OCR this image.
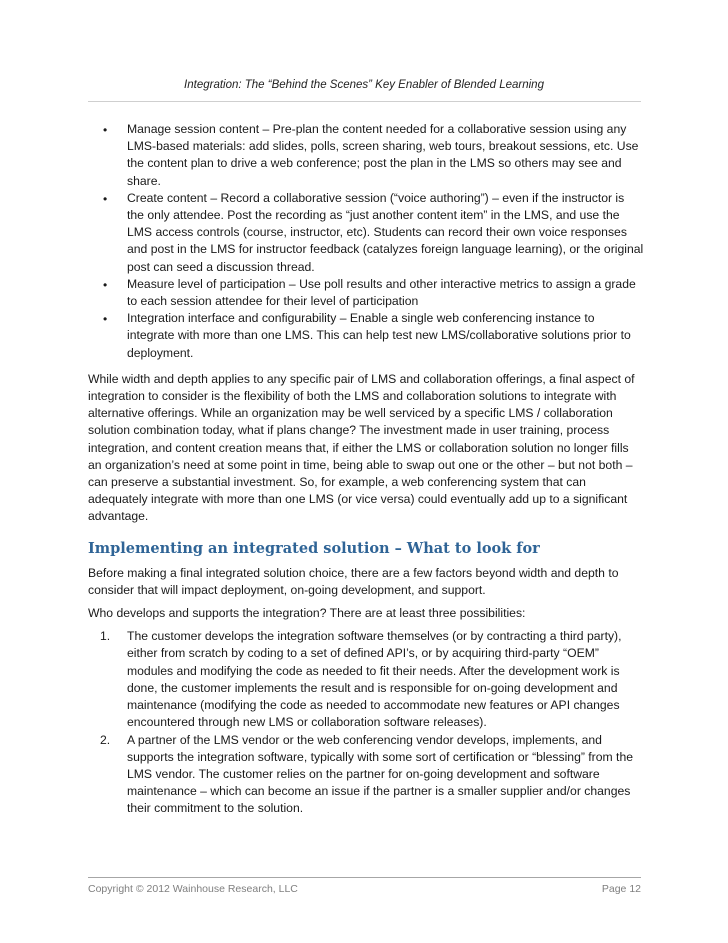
Integration: The “Behind the Scenes” Key Enabler of Blended Learning
• Manage session content – Pre-plan the content needed for a collaborative session using any LMS-based materials: add slides, polls, screen sharing, web tours, breakout sessions, etc. Use the content plan to drive a web conference; post the plan in the LMS so others may see and share.
• Create content – Record a collaborative session (“voice authoring”) – even if the instructor is the only attendee. Post the recording as “just another content item” in the LMS, and use the LMS access controls (course, instructor, etc). Students can record their own voice responses and post in the LMS for instructor feedback (catalyzes foreign language learning), or the original post can seed a discussion thread.
• Measure level of participation – Use poll results and other interactive metrics to assign a grade to each session attendee for their level of participation
• Integration interface and configurability – Enable a single web conferencing instance to integrate with more than one LMS. This can help test new LMS/collaborative solutions prior to deployment.

While width and depth applies to any specific pair of LMS and collaboration offerings, a final aspect of integration to consider is the flexibility of both the LMS and collaboration solutions to integrate with alternative offerings. While an organization may be well serviced by a specific LMS / collaboration solution combination today, what if plans change? The investment made in user training, process integration, and content creation means that, if either the LMS or collaboration solution no longer fills an organization’s need at some point in time, being able to swap out one or the other – but not both – can preserve a substantial investment. So, for example, a web conferencing system that can adequately integrate with more than one LMS (or vice versa) could eventually add up to a significant advantage.

Implementing an integrated solution – What to look for

Before making a final integrated solution choice, there are a few factors beyond width and depth to consider that will impact deployment, on-going development, and support.

Who develops and supports the integration? There are at least three possibilities:

1. The customer develops the integration software themselves (or by contracting a third party), either from scratch by coding to a set of defined API’s, or by acquiring third-party “OEM” modules and modifying the code as needed to fit their needs. After the development work is done, the customer implements the result and is responsible for on-going development and maintenance (modifying the code as needed to accommodate new features or API changes encountered through new LMS or collaboration software releases).
2. A partner of the LMS vendor or the web conferencing vendor develops, implements, and supports the integration software, typically with some sort of certification or “blessing” from the LMS vendor. The customer relies on the partner for on-going development and software maintenance – which can become an issue if the partner is a smaller supplier and/or changes their commitment to the solution.
Copyright © 2012 Wainhouse Research, LLC	Page 12
